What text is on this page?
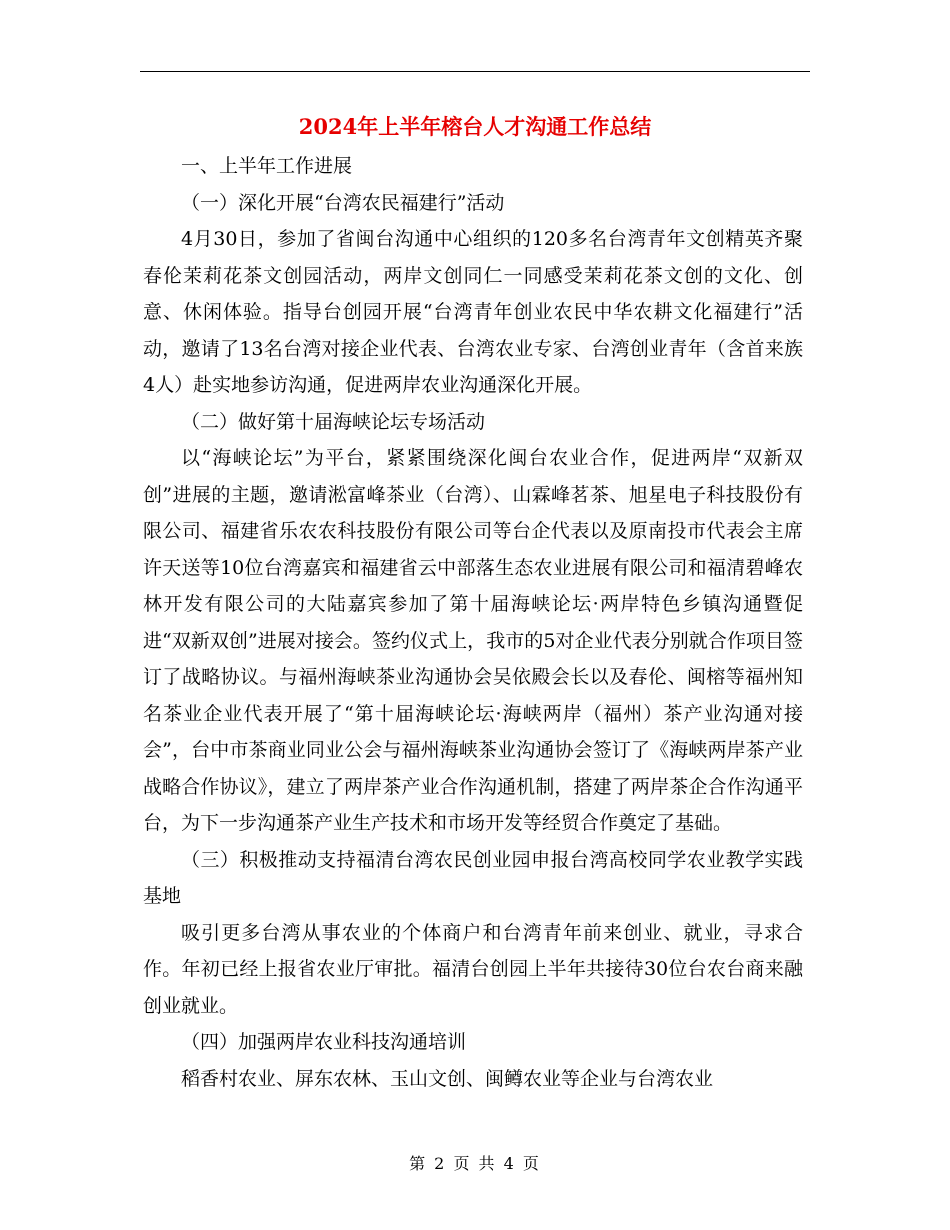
2024年上半年榕台人才沟通工作总结

一、上半年工作进展

（一）深化开展“台湾农民福建行”活动

4月30日，参加了省闽台沟通中心组织的120多名台湾青年文创精英齐聚春伦茉莉花茶文创园活动，两岸文创同仁一同感受茉莉花茶文创的文化、创意、休闲体验。指导台创园开展“台湾青年创业农民中华农耕文化福建行”活动，邀请了13名台湾对接企业代表、台湾农业专家、台湾创业青年（含首来族4人）赴实地参访沟通，促进两岸农业沟通深化开展。

（二）做好第十届海峡论坛专场活动

以“海峡论坛”为平台，紧紧围绕深化闽台农业合作，促进两岸“双新双创”进展的主题，邀请淞富峰茶业（台湾）、山霖峰茗茶、旭星电子科技股份有限公司、福建省乐农农科技股份有限公司等台企代表以及原南投市代表会主席许天送等10位台湾嘉宾和福建省云中部落生态农业进展有限公司和福清碧峰农林开发有限公司的大陆嘉宾参加了第十届海峡论坛·两岸特色乡镇沟通暨促进“双新双创”进展对接会。签约仪式上，我市的5对企业代表分别就合作项目签订了战略协议。与福州海峡茶业沟通协会吴依殿会长以及春伦、闽榕等福州知名茶业企业代表开展了“第十届海峡论坛·海峡两岸（福州）茶产业沟通对接会”，台中市茶商业同业公会与福州海峡茶业沟通协会签订了《海峡两岸茶产业战略合作协议》，建立了两岸茶产业合作沟通机制，搭建了两岸茶企合作沟通平台，为下一步沟通茶产业生产技术和市场开发等经贸合作奠定了基础。

（三）积极推动支持福清台湾农民创业园申报台湾高校同学农业教学实践基地

吸引更多台湾从事农业的个体商户和台湾青年前来创业、就业，寻求合作。年初已经上报省农业厅审批。福清台创园上半年共接待30位台农台商来融创业就业。

（四）加强两岸农业科技沟通培训

稻香村农业、屏东农林、玉山文创、闽鳟农业等企业与台湾农业

第 2 页 共 4 页
